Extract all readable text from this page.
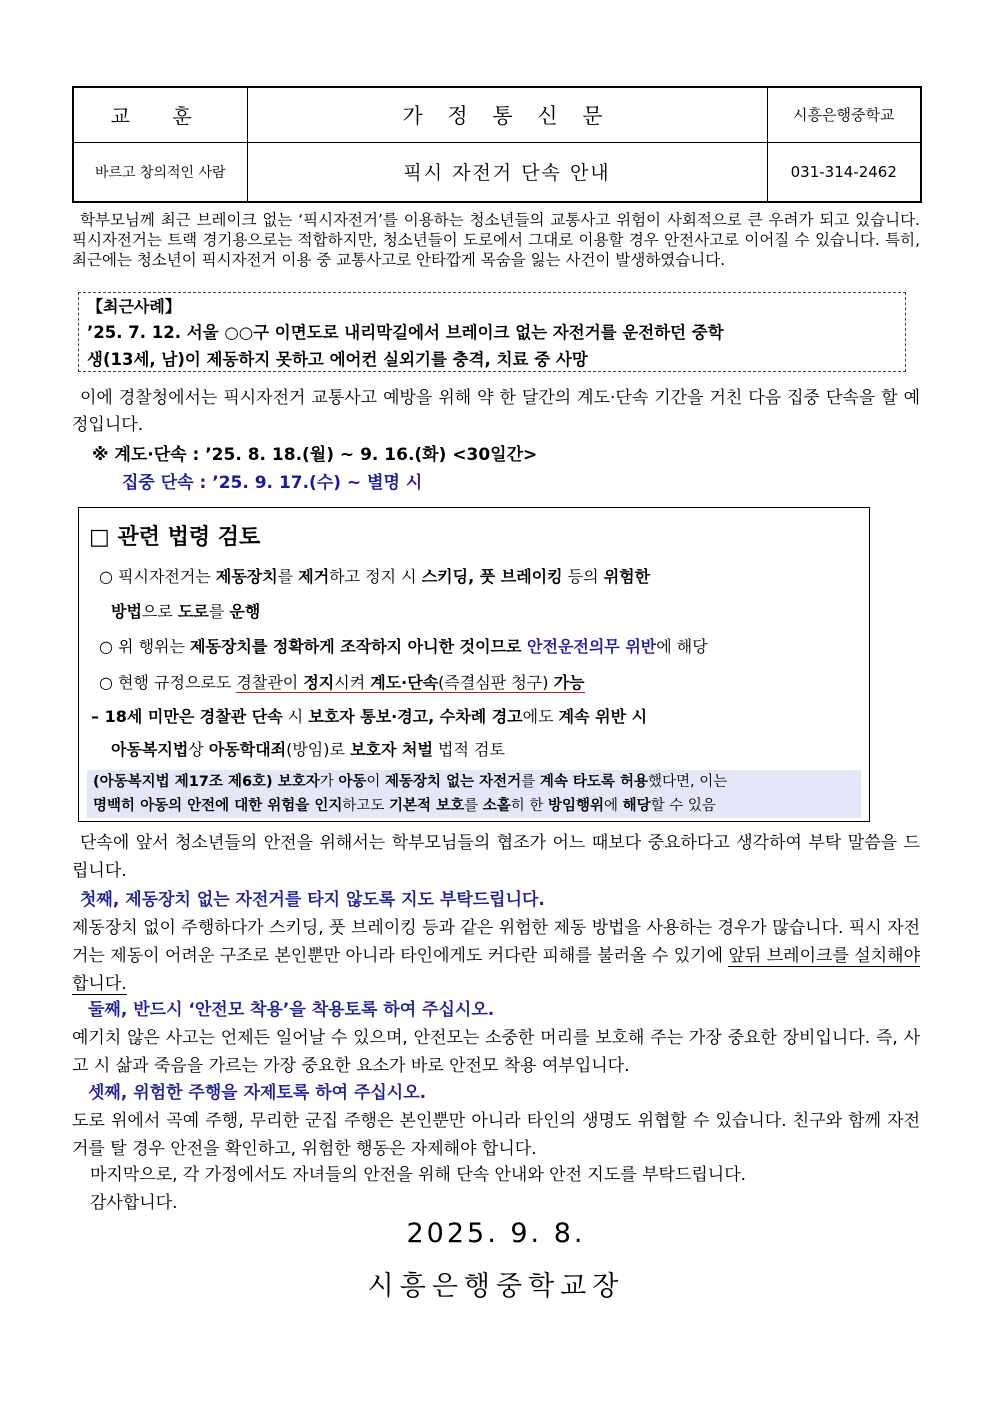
교 훈	가 정 통 신 문	시흥은행중학교
바르고 창의적인 사람	픽시 자전거 단속 안내	031-314-2462
학부모님께 최근 브레이크 없는 ‘픽시자전거’를 이용하는 청소년들의 교통사고 위험이 사회적으로 큰 우려가 되고 있습니다. 픽시자전거는 트랙 경기용으로는 적합하지만, 청소년들이 도로에서 그대로 이용할 경우 안전사고로 이어질 수 있습니다. 특히, 최근에는 청소년이 픽시자전거 이용 중 교통사고로 안타깝게 목숨을 잃는 사건이 발생하였습니다.
【최근사례】
’25. 7. 12. 서울 ○○구 이면도로 내리막길에서 브레이크 없는 자전거를 운전하던 중학
생(13세, 남)이 제동하지 못하고 에어컨 실외기를 충격, 치료 중 사망
이에 경찰청에서는 픽시자전거 교통사고 예방을 위해 약 한 달간의 계도·단속 기간을 거친 다음 집중 단속을 할 예정입니다.
※ 계도·단속 : ’25. 8. 18.(월) ~ 9. 16.(화) <30일간>
집중 단속 : ’25. 9. 17.(수) ~ 별명 시
□ 관련 법령 검토
○ 픽시자전거는 제동장치를 제거하고 정지 시 스키딩, 풋 브레이킹 등의 위험한
방법으로 도로를 운행
○ 위 행위는 제동장치를 정확하게 조작하지 아니한 것이므로 안전운전의무 위반에 해당
○ 현행 규정으로도 경찰관이 정지시켜 계도·단속(즉결심판 청구) 가능
– 18세 미만은 경찰관 단속 시 보호자 통보·경고, 수차례 경고에도 계속 위반 시
아동복지법상 아동학대죄(방임)로 보호자 처벌 법적 검토
(아동복지법 제17조 제6호) 보호자가 아동이 제동장치 없는 자전거를 계속 타도록 허용했다면, 이는
명백히 아동의 안전에 대한 위험을 인지하고도 기본적 보호를 소홀히 한 방임행위에 해당할 수 있음
단속에 앞서 청소년들의 안전을 위해서는 학부모님들의 협조가 어느 때보다 중요하다고 생각하여 부탁 말씀을 드립니다.
첫째, 제동장치 없는 자전거를 타지 않도록 지도 부탁드립니다.
제동장치 없이 주행하다가 스키딩, 풋 브레이킹 등과 같은 위험한 제동 방법을 사용하는 경우가 많습니다. 픽시 자전거는 제동이 어려운 구조로 본인뿐만 아니라 타인에게도 커다란 피해를 불러올 수 있기에 앞뒤 브레이크를 설치해야 합니다.
둘째, 반드시 ‘안전모 착용’을 착용토록 하여 주십시오.
예기치 않은 사고는 언제든 일어날 수 있으며, 안전모는 소중한 머리를 보호해 주는 가장 중요한 장비입니다. 즉, 사고 시 삶과 죽음을 가르는 가장 중요한 요소가 바로 안전모 착용 여부입니다.
셋째, 위험한 주행을 자제토록 하여 주십시오.
도로 위에서 곡예 주행, 무리한 군집 주행은 본인뿐만 아니라 타인의 생명도 위협할 수 있습니다. 친구와 함께 자전거를 탈 경우 안전을 확인하고, 위험한 행동은 자제해야 합니다.
마지막으로, 각 가정에서도 자녀들의 안전을 위해 단속 안내와 안전 지도를 부탁드립니다.
감사합니다.
2025. 9. 8.
시흥은행중학교장
